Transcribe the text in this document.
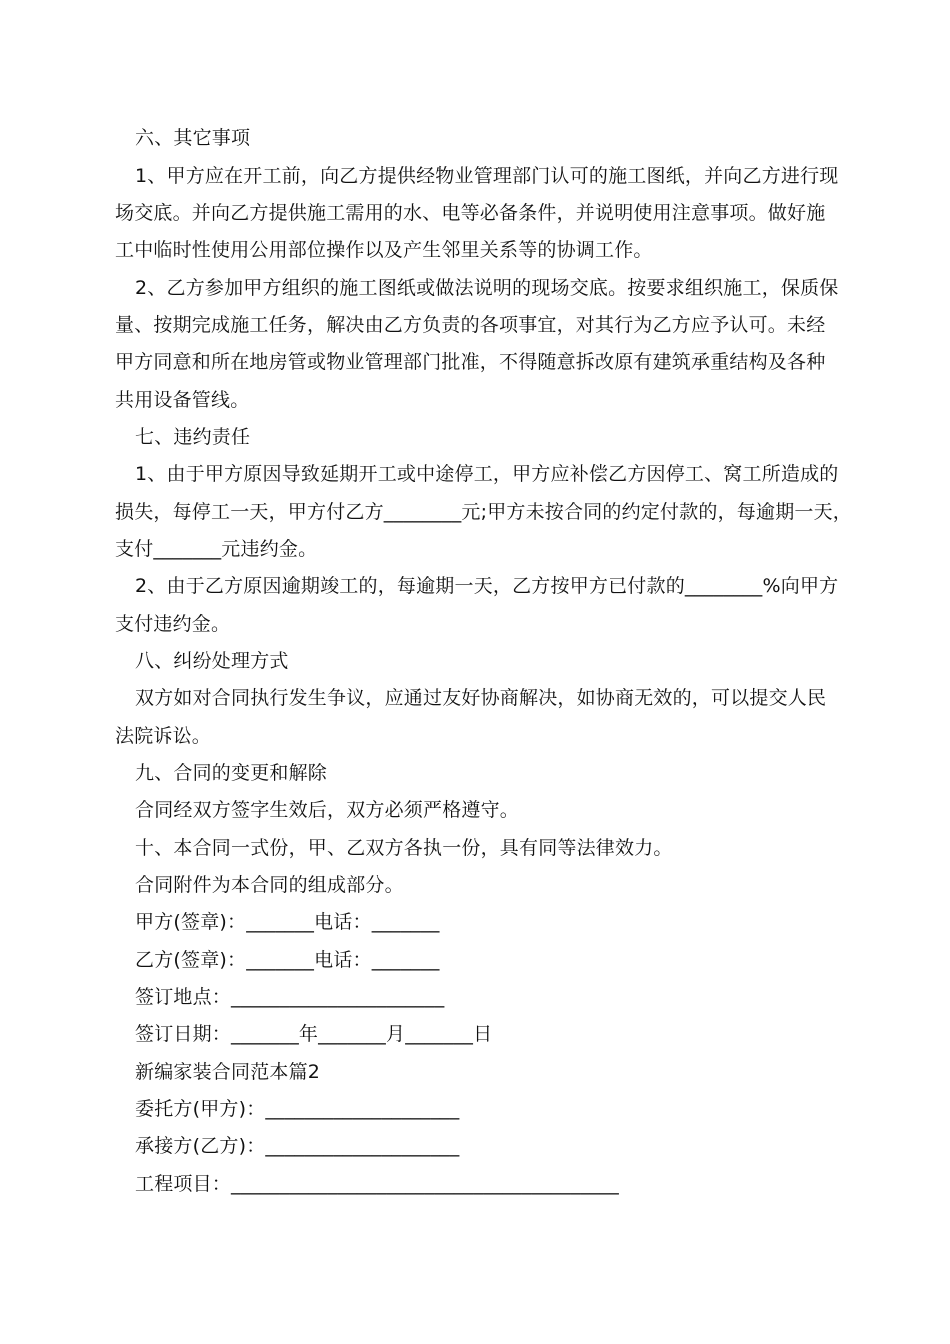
六、其它事项
1、甲方应在开工前，向乙方提供经物业管理部门认可的施工图纸，并向乙方进行现
场交底。并向乙方提供施工需用的水、电等必备条件，并说明使用注意事项。做好施
工中临时性使用公用部位操作以及产生邻里关系等的协调工作。
2、乙方参加甲方组织的施工图纸或做法说明的现场交底。按要求组织施工，保质保
量、按期完成施工任务，解决由乙方负责的各项事宜，对其行为乙方应予认可。未经
甲方同意和所在地房管或物业管理部门批准，不得随意拆改原有建筑承重结构及各种
共用设备管线。
七、违约责任
1、由于甲方原因导致延期开工或中途停工，甲方应补偿乙方因停工、窝工所造成的
损失，每停工一天，甲方付乙方________元;甲方未按合同的约定付款的，每逾期一天，
支付_______元违约金。
2、由于乙方原因逾期竣工的，每逾期一天，乙方按甲方已付款的________%向甲方
支付违约金。
八、纠纷处理方式
双方如对合同执行发生争议，应通过友好协商解决，如协商无效的，可以提交人民
法院诉讼。
九、合同的变更和解除
合同经双方签字生效后，双方必须严格遵守。
十、本合同一式份，甲、乙双方各执一份，具有同等法律效力。
合同附件为本合同的组成部分。
甲方(签章)：_______电话：_______
乙方(签章)：_______电话：_______
签订地点：______________________
签订日期：_______年_______月_______日
新编家装合同范本篇2
委托方(甲方)：____________________
承接方(乙方)：____________________
工程项目：________________________________________
